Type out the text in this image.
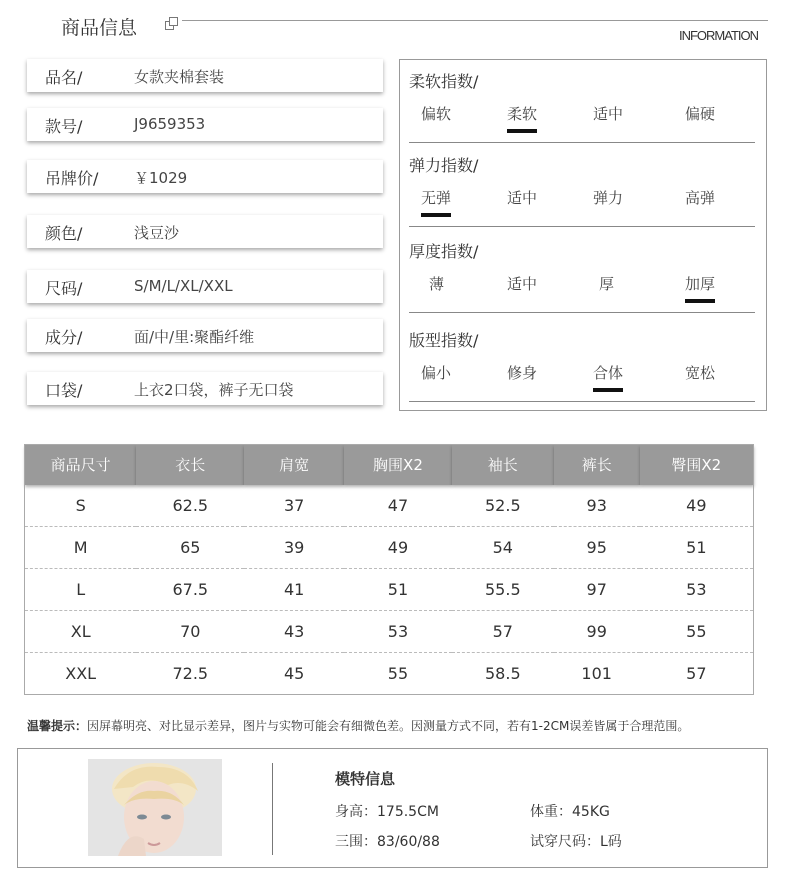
商品信息	INFORMATION
品名/	女款夹棉套装
款号/	J9659353
吊牌价/ ￥1029
颜色/	浅豆沙
尺码/	S/M/L/XL/XXL
成分/	面/中/里:聚酯纤维
口袋/	上衣2口袋，裤子无口袋
柔软指数/
偏软	柔软	适中	偏硬
弹力指数/
无弹	适中	弹力	高弹
厚度指数/
薄	适中	厚	加厚
版型指数/
偏小	修身	合体	宽松
商品尺寸	衣长	肩宽	胸围X2	袖长	裤长	臀围X2
S	62.5	37	47	52.5	93	49
M	65	39	49	54	95	51
L	67.5	41	51	55.5	97	53
XL	70	43	53	57	99	55
XXL	72.5	45	55	58.5	101	57
温馨提示：因屏幕明亮、对比显示差异，图片与实物可能会有细微色差。因测量方式不同，若有1-2CM误差皆属于合理范围。
模特信息
身高：175.5CM	体重：45KG
三围：83/60/88	试穿尺码：L码
